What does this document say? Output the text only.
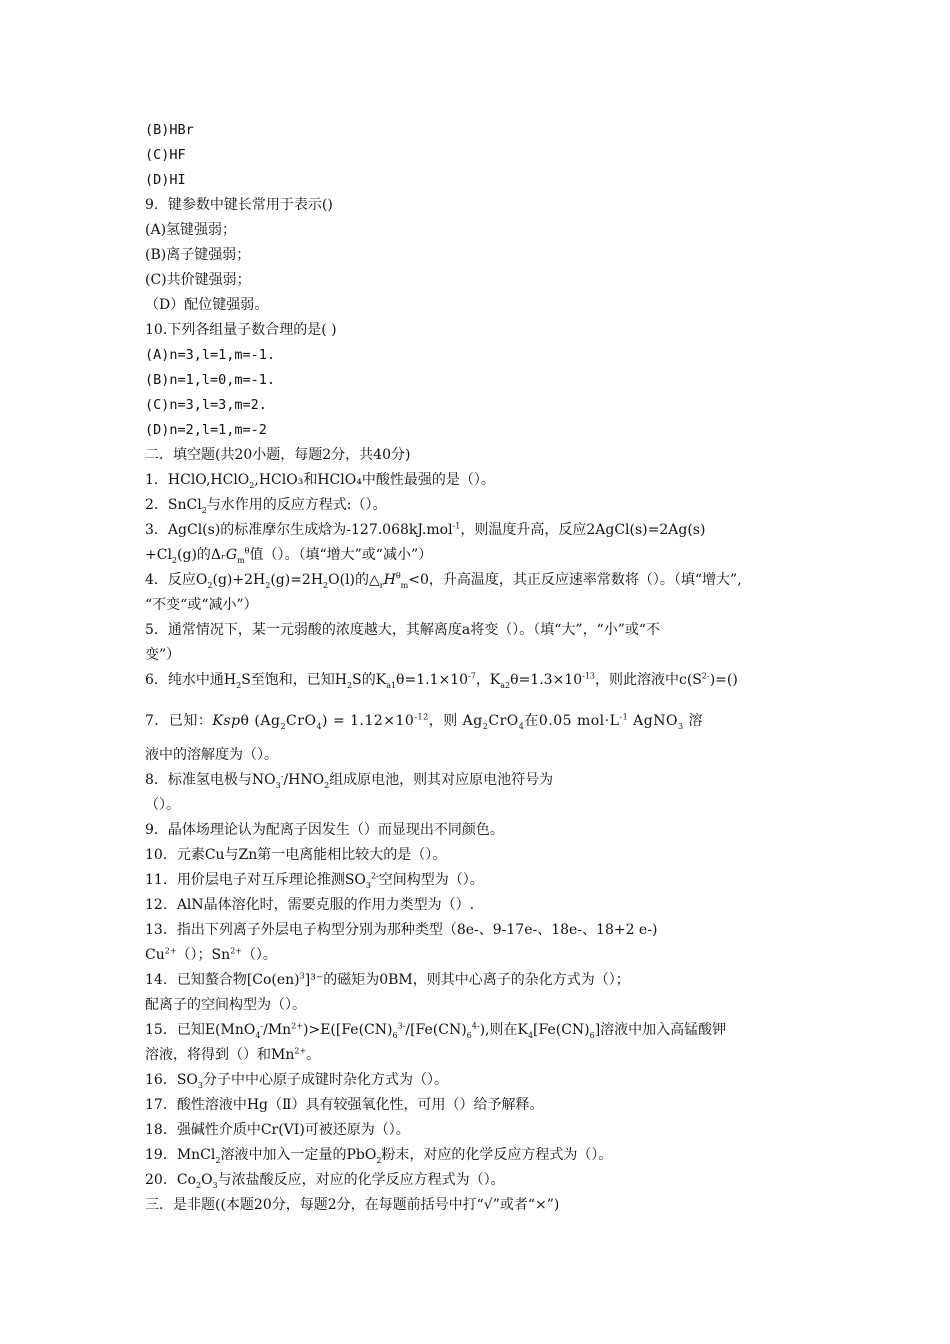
(B)HBr
(C)HF
(D)HI
9．键参数中键长常用于表示()
(A)氢键强弱；
(B)离子键强弱；
(C)共价键强弱；
（D）配位键强弱。
10.下列各组量子数合理的是( )
(A)n=3,l=1,m=-1.
(B)n=1,l=0,m=-1.
(C)n=3,l=3,m=2.
(D)n=2,l=1,m=-2
二．填空题(共20小题，每题2分，共40分)
1．HClO,HClO$_2$,HClO₃和HClO₄中酸性最强的是（）。
2．SnCl$_2$与水作用的反应方程式:（）。
3．AgCl(s)的标准摩尔生成焓为-127.068kJ.mol$^{-1}$，则温度升高，反应2AgCl(s)=2Ag(s)
$+Cl_2(g)$的ΔᵣG$_m^\theta$值（）。（填“增大”或“减小”）
4．反应$O_2(g)+2H_2(g)=2H_2O(l)$的$\triangle_rH^\theta_m<0$，升高温度，其正反应速率常数将（）。（填“增大”,
“不变“或“减小”）
5．通常情况下，某一元弱酸的浓度越大，其解离度a将变（）。（填“大”，“小”或“不
变”）
6．纯水中通$H_2S$至饱和，已知$H_2S$的$K_{a1}\theta=1.1\times 10^{-7}$，$K_{a2}\theta=1.3\times 10^{-13}$，则此溶液中$c(S^{2-})=()$
7．已知：Kspθ $(Ag_2CrO_4) = 1.12\times 10^{-12}$，则 $Ag_2CrO_4$在0.05 $mol\cdot L^{-1}$ AgNO$_3$ 溶
液中的溶解度为（）。
8．标准氢电极与$NO_3^-/HNO_2$组成原电池，则其对应原电池符号为
（）。
9．晶体场理论认为配离子因发生（）而显现出不同颜色。
10．元素Cu与Zn第一电离能相比较大的是（）。
11．用价层电子对互斥理论推测$SO_3^{2-}$空间构型为（）。
12．AlN晶体溶化时，需要克服的作用力类型为（）.
13．指出下列离子外层电子构型分别为那种类型（8e-、9-17e-、18e-、18+2 e-)
$Cu^{2+}()$；$Sn^{2+}()$。
14．已知螯合物[Co(en)$^3$]³⁻的磁矩为0BM，则其中心离子的杂化方式为（）；
配离子的空间构型为（）。
15．已知$E(MnO_4^-/Mn^{2+})>E([Fe(CN)_6^{3-}/[Fe(CN)_6^{4-})$,则在$K_4[Fe(CN)_6]$溶液中加入高锰酸钾
溶液，将得到（）和$Mn^{2+}$。
16．$SO_3$分子中中心原子成键时杂化方式为（）。
17．酸性溶液中Hg（Ⅱ）具有较强氧化性，可用（）给予解释。
18．强碱性介质中Cr(VI)可被还原为（）。
19．MnCl$_2$溶液中加入一定量的PbO$_2$粉末，对应的化学反应方程式为（）。
20．$Co_2O_3$与浓盐酸反应，对应的化学反应方程式为（）。
三．是非题((本题20分，每题2分，在每题前括号中打“√”或者“×”)
